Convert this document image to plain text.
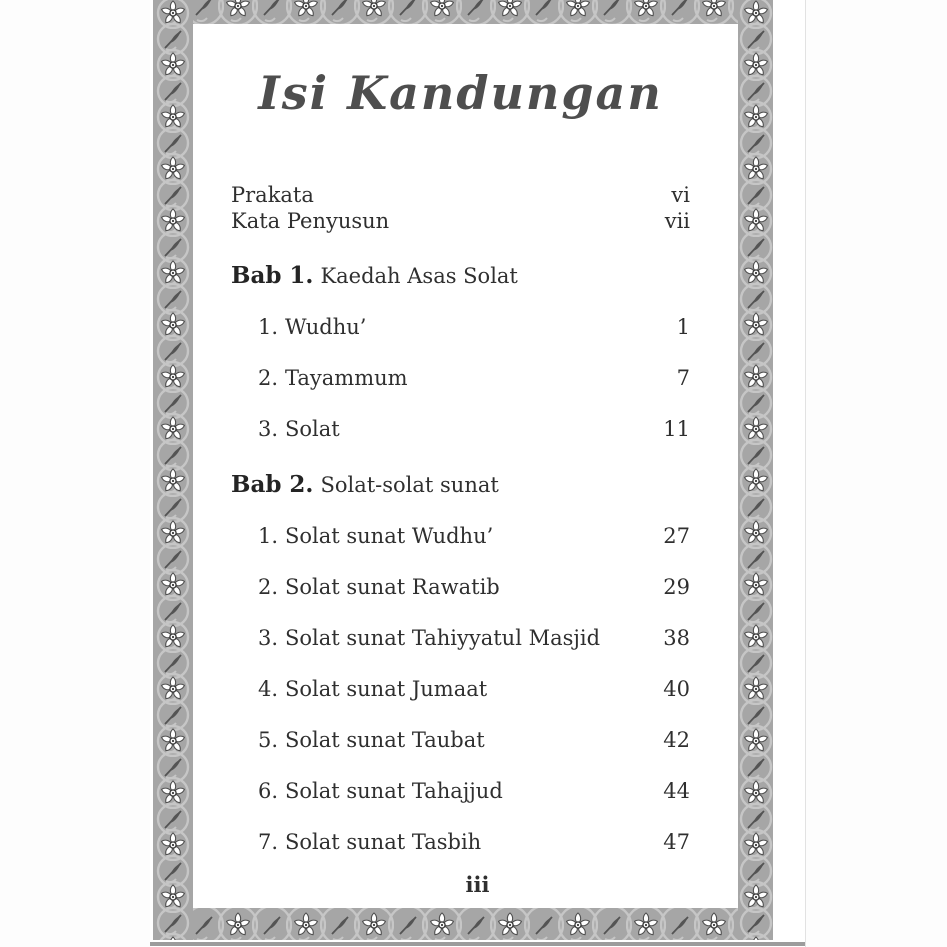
Isi Kandungan
Prakata	vi
Kata Penyusun	vii
Bab 1. Kaedah Asas Solat
1. Wudhu’	1
2. Tayammum	7
3. Solat	11
Bab 2. Solat-solat sunat
1. Solat sunat Wudhu’	27
2. Solat sunat Rawatib	29
3. Solat sunat Tahiyyatul Masjid	38
4. Solat sunat Jumaat	40
5. Solat sunat Taubat	42
6. Solat sunat Tahajjud	44
7. Solat sunat Tasbih	47
iii
